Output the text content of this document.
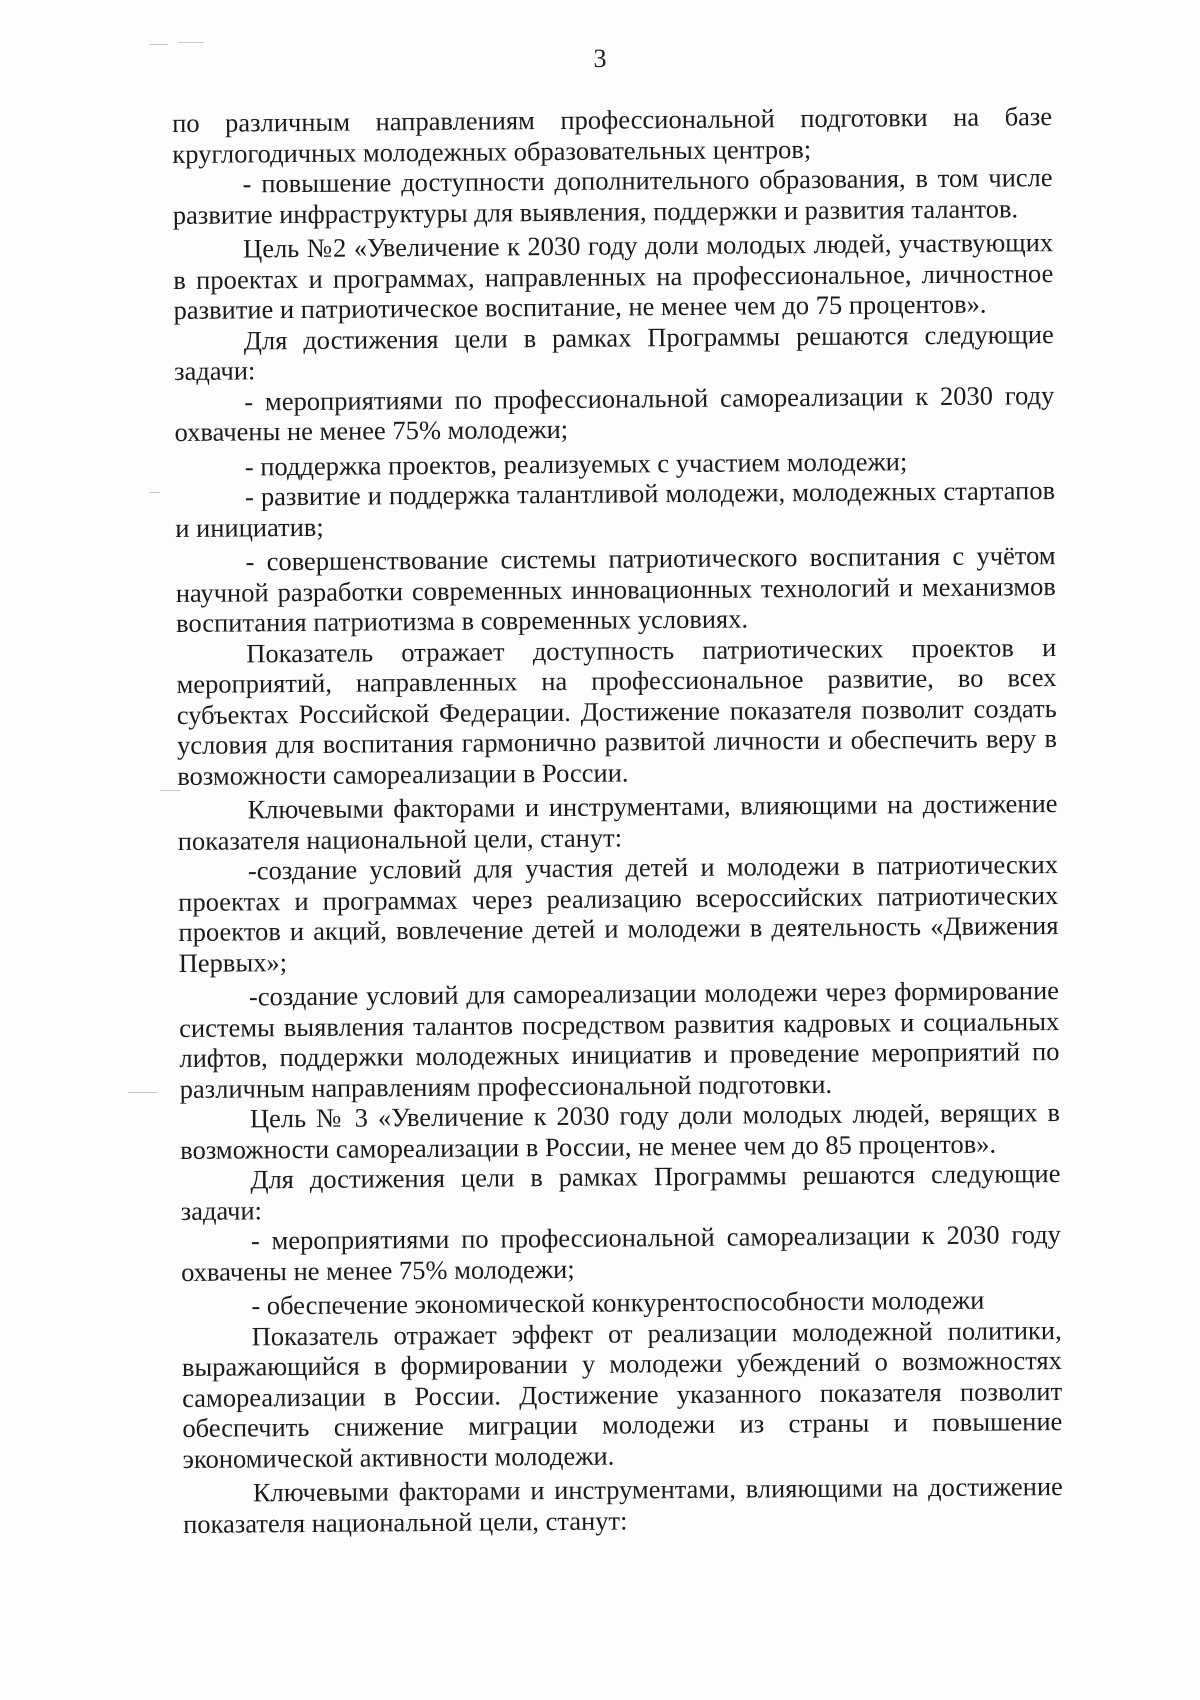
3

по различным направлениям профессиональной подготовки на базе круглогодичных молодежных образовательных центров;

- повышение доступности дополнительного образования, в том числе развитие инфраструктуры для выявления, поддержки и развития талантов.

Цель №2 «Увеличение к 2030 году доли молодых людей, участвующих в проектах и программах, направленных на профессиональное, личностное развитие и патриотическое воспитание, не менее чем до 75 процентов».

Для достижения цели в рамках Программы решаются следующие задачи:

- мероприятиями по профессиональной самореализации к 2030 году охвачены не менее 75% молодежи;

- поддержка проектов, реализуемых с участием молодежи;

- развитие и поддержка талантливой молодежи, молодежных стартапов и инициатив;

- совершенствование системы патриотического воспитания с учётом научной разработки современных инновационных технологий и механизмов воспитания патриотизма в современных условиях.

Показатель отражает доступность патриотических проектов и мероприятий, направленных на профессиональное развитие, во всех субъектах Российской Федерации. Достижение показателя позволит создать условия для воспитания гармонично развитой личности и обеспечить веру в возможности самореализации в России.

Ключевыми факторами и инструментами, влияющими на достижение показателя национальной цели, станут:

-создание условий для участия детей и молодежи в патриотических проектах и программах через реализацию всероссийских патриотических проектов и акций, вовлечение детей и молодежи в деятельность «Движения Первых»;

-создание условий для самореализации молодежи через формирование системы выявления талантов посредством развития кадровых и социальных лифтов, поддержки молодежных инициатив и проведение мероприятий по различным направлениям профессиональной подготовки.

Цель № 3 «Увеличение к 2030 году доли молодых людей, верящих в возможности самореализации в России, не менее чем до 85 процентов».

Для достижения цели в рамках Программы решаются следующие задачи:

- мероприятиями по профессиональной самореализации к 2030 году охвачены не менее 75% молодежи;

- обеспечение экономической конкурентоспособности молодежи

Показатель отражает эффект от реализации молодежной политики, выражающийся в формировании у молодежи убеждений о возможностях самореализации в России. Достижение указанного показателя позволит обеспечить снижение миграции молодежи из страны и повышение экономической активности молодежи.

Ключевыми факторами и инструментами, влияющими на достижение показателя национальной цели, станут:
